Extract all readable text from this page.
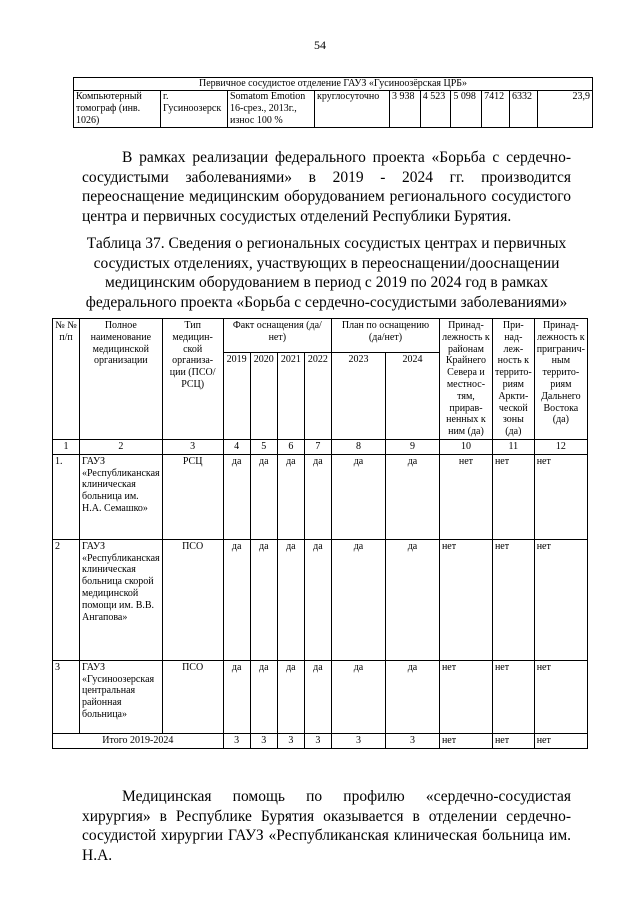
54
Первичное сосудистое отделение ГАУЗ «Гусиноозёрская ЦРБ»
Компьютерный томограф (инв. 1026)	г. Гусиноозерск	Somatom Emotion 16-срез., 2013г., износ 100 %	круглосуточно	3 938	4 523	5 098	7412	6332	23,9
В рамках реализации федерального проекта «Борьба с сердечно-сосудистыми заболеваниями» в 2019 - 2024 гг. производится переоснащение медицинским оборудованием регионального сосудистого центра и первичных сосудистых отделений Республики Бурятия.
Таблица 37. Сведения о региональных сосудистых центрах и первичных сосудистых отделениях, участвующих в переоснащении/дооснащении медицинским оборудованием в период с 2019 по 2024 год в рамках федерального проекта «Борьба с сердечно-сосудистыми заболеваниями»
№ № п/п	Полное наименование медицинской организации	Тип медицин-ской организа-ции (ПСО/ РСЦ)	Факт оснащения (да/нет)				План по оснащению (да/нет)		Принад-лежность к районам Крайнего Севера и местнос-тям, прирав-ненных к ним (да)	При-над-леж-ность к террито-риям Аркти-ческой зоны (да)	Принад-лежность к пригранич-ным террито-риям Дальнего Востока (да)
			2019	2020	2021	2022	2023	2024			
1	2	3	4	5	6	7	8	9	10	11	12
1.	ГАУЗ «Республиканская клиническая больница им. Н.А. Семашко»	РСЦ	да	да	да	да	да	да	нет	нет	нет
2	ГАУЗ «Республиканская клиническая больница скорой медицинской помощи им. В.В. Ангапова»	ПСО	да	да	да	да	да	да	нет	нет	нет
3	ГАУЗ «Гусиноозерская центральная районная больница»	ПСО	да	да	да	да	да	да	нет	нет	нет
Итого 2019-2024			3	3	3	3	3	3	нет	нет	нет
Медицинская помощь по профилю «сердечно-сосудистая хирургия» в Республике Бурятия оказывается в отделении сердечно-сосудистой хирургии ГАУЗ «Республиканская клиническая больница им. Н.А.
